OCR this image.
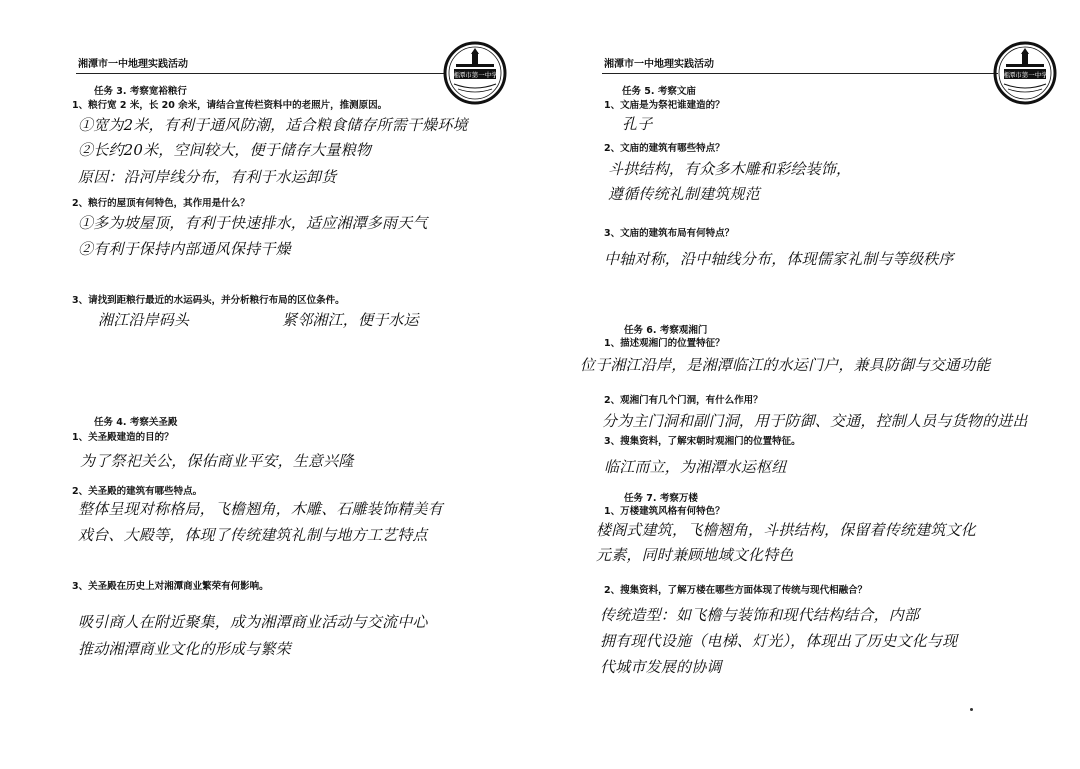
湘潭市一中地理实践活动
湘潭市第一中学
任务 3. 考察宽裕粮行
1、粮行宽 2 米，长 20 余米，请结合宣传栏资料中的老照片，推测原因。
①宽为2米，有利于通风防潮，适合粮食储存所需干燥环境
②长约20米，空间较大，便于储存大量粮物
原因：沿河岸线分布，有利于水运卸货
2、粮行的屋顶有何特色，其作用是什么？
①多为坡屋顶，有利于快速排水，适应湘潭多雨天气
②有利于保持内部通风保持干燥
3、请找到距粮行最近的水运码头，并分析粮行布局的区位条件。
湘江沿岸码头	紧邻湘江，便于水运
任务 4. 考察关圣殿
1、关圣殿建造的目的？
为了祭祀关公，保佑商业平安，生意兴隆
2、关圣殿的建筑有哪些特点。
整体呈现对称格局，飞檐翘角，木雕、石雕装饰精美有
戏台、大殿等，体现了传统建筑礼制与地方工艺特点
3、关圣殿在历史上对湘潭商业繁荣有何影响。
吸引商人在附近聚集，成为湘潭商业活动与交流中心
推动湘潭商业文化的形成与繁荣
湘潭市一中地理实践活动
湘潭市第一中学
任务 5. 考察文庙
1、文庙是为祭祀谁建造的？
孔子
2、文庙的建筑有哪些特点？
斗拱结构，有众多木雕和彩绘装饰，
遵循传统礼制建筑规范
3、文庙的建筑布局有何特点？
中轴对称，沿中轴线分布，体现儒家礼制与等级秩序
任务 6. 考察观湘门
1、描述观湘门的位置特征？
位于湘江沿岸，是湘潭临江的水运门户，兼具防御与交通功能
2、观湘门有几个门洞，有什么作用？
分为主门洞和副门洞，用于防御、交通，控制人员与货物的进出
3、搜集资料，了解宋朝时观湘门的位置特征。
临江而立，为湘潭水运枢纽
任务 7. 考察万楼
1、万楼建筑风格有何特色？
楼阁式建筑，飞檐翘角，斗拱结构，保留着传统建筑文化
元素，同时兼顾地域文化特色
2、搜集资料，了解万楼在哪些方面体现了传统与现代相融合？
传统造型：如飞檐与装饰和现代结构结合，内部
拥有现代设施（电梯、灯光），体现出了历史文化与现
代城市发展的协调
